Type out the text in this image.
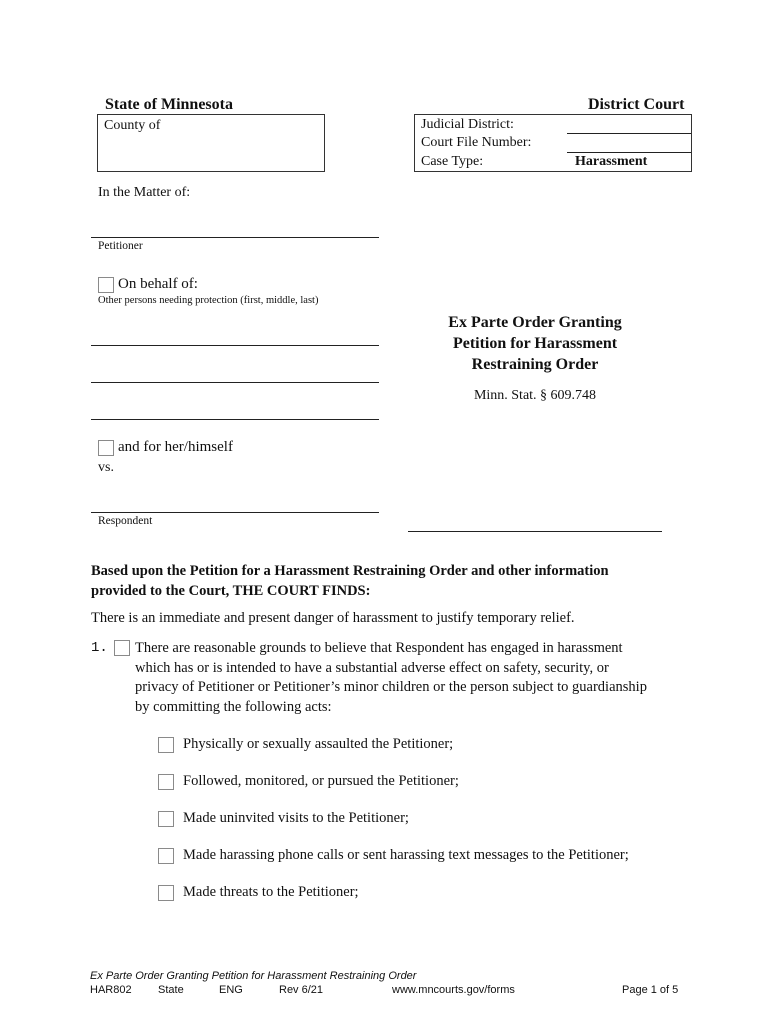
State of Minnesota	District Court
County of	Judicial District:
Court File Number:
Case Type:	Harassment
In the Matter of:
Petitioner
On behalf of:
Other persons needing protection (first, middle, last)
and for her/himself
vs.
Respondent
Ex Parte Order Granting
Petition for Harassment
Restraining Order
Minn. Stat. § 609.748
Based upon the Petition for a Harassment Restraining Order and other information
provided to the Court, THE COURT FINDS:
There is an immediate and present danger of harassment to justify temporary relief.
1. There are reasonable grounds to believe that Respondent has engaged in harassment
which has or is intended to have a substantial adverse effect on safety, security, or
privacy of Petitioner or Petitioner’s minor children or the person subject to guardianship
by committing the following acts:
Physically or sexually assaulted the Petitioner;
Followed, monitored, or pursued the Petitioner;
Made uninvited visits to the Petitioner;
Made harassing phone calls or sent harassing text messages to the Petitioner;
Made threats to the Petitioner;
Ex Parte Order Granting Petition for Harassment Restraining Order
HAR802 State	ENG	Rev 6/21	www.mncourts.gov/forms	Page 1 of 5
